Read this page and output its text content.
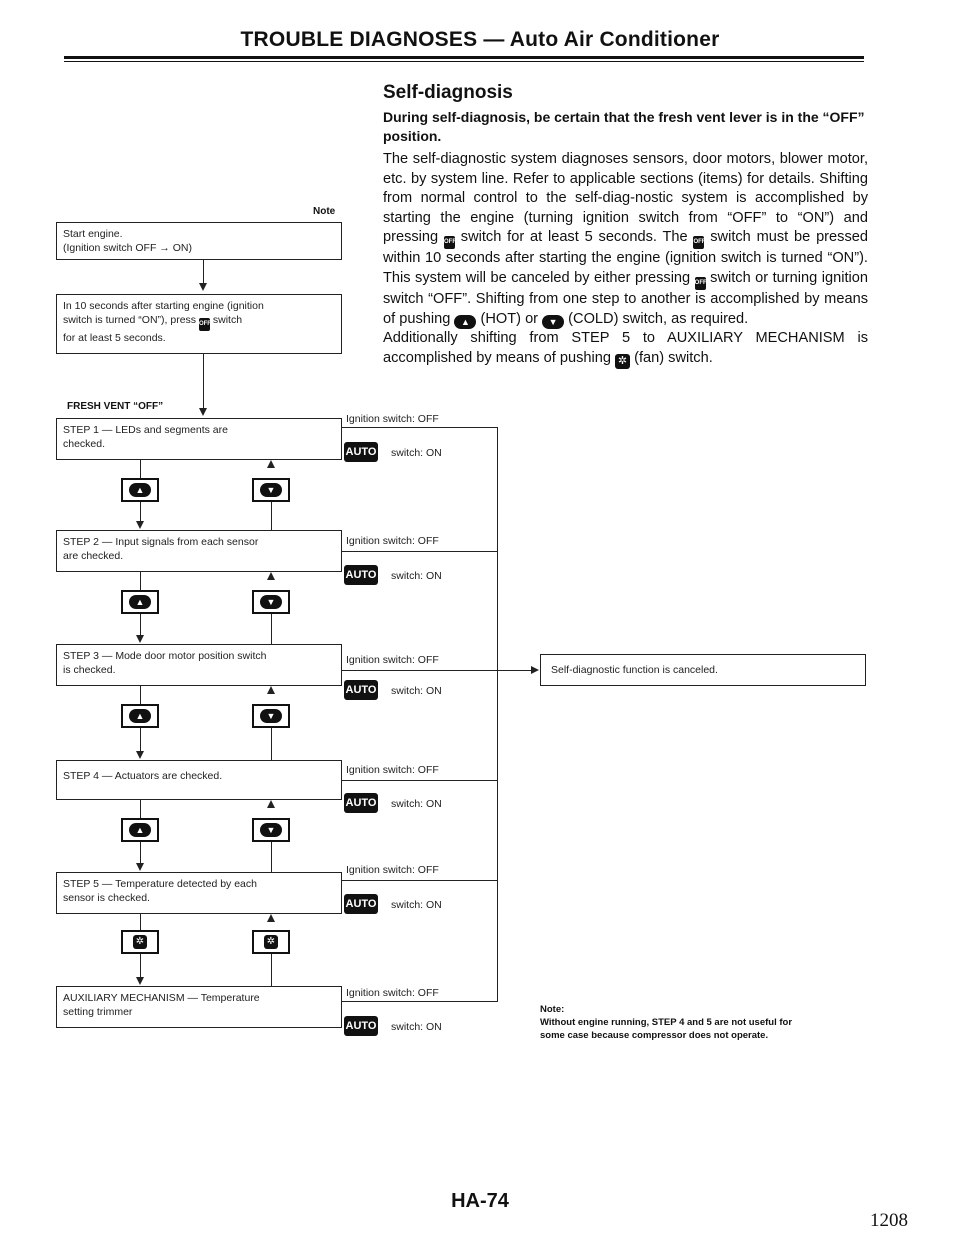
TROUBLE DIAGNOSES — Auto Air Conditioner
Self-diagnosis
During self-diagnosis, be certain that the fresh vent lever is in the “OFF” position.

The self-diagnostic system diagnoses sensors, door motors, blower motor, etc. by system line. Refer to applicable sections (items) for details. Shifting from normal control to the self-diag-nostic system is accomplished by starting the engine (turning ignition switch from “OFF” to “ON”) and pressing OFF switch for at least 5 seconds. The OFF switch must be pressed within 10 seconds after starting the engine (ignition switch is turned “ON”). This system will be canceled by either pressing OFF switch or turning ignition switch “OFF”. Shifting from one step to another is accomplished by means of pushing ▲ (HOT) or ▼ (COLD) switch, as required.

Additionally shifting from STEP 5 to AUXILIARY MECHANISM is accomplished by means of pushing ✲ (fan) switch.

Note

Start engine.

(Ignition switch OFF → ON)

In 10 seconds after starting engine (ignition

switch is turned “ON”), press OFF switch

for at least 5 seconds.

FRESH VENT “OFF”

STEP 1 — LEDs and segments are

checked.

▲	▼

STEP 2 — Input signals from each sensor

are checked.

▲	▼

STEP 3 — Mode door motor position switch

is checked.

▲	▼

STEP 4 — Actuators are checked.

▲	▼

STEP 5 — Temperature detected by each

sensor is checked.

✲	✲

AUXILIARY MECHANISM — Temperature

setting trimmer

Ignition switch: OFF
AUTO switch: ON
Ignition switch: OFF
AUTO switch: ON
Ignition switch: OFF
AUTO switch: ON
Ignition switch: OFF
AUTO switch: ON
Ignition switch: OFF
AUTO switch: ON
Ignition switch: OFF
AUTO switch: ON

Self-diagnostic function is canceled.

Note:

Without engine running, STEP 4 and 5 are not useful for

some case because compressor does not operate.

HA-74
1208
